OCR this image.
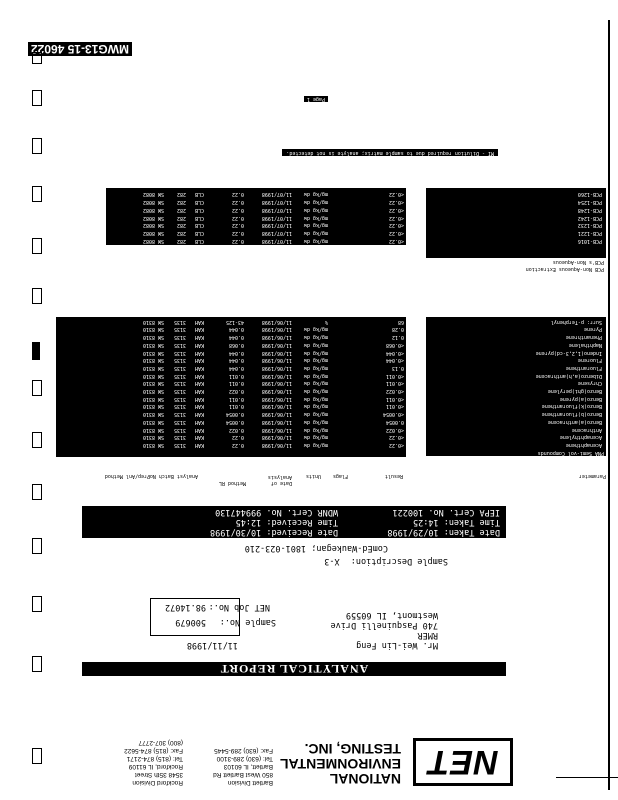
NET
NATIONAL
ENVIRONMENTAL
TESTING, INC.
Bartlett Division
850 West Bartlett Rd
Bartlett, IL 60103
Tel: (630) 289-3100
Fax: (630) 289-5445
Rockford Division
3548 35th Street
Rockford, IL 61109
Tel: (815) 874-2171
Fax: (815) 874-5622
(800) 307-2777
ANALYTICAL REPORT
Mr. Wei-Lin Feng
RMER
740 Pasquinelli Drive
Westmont, IL 60559
11/11/1998
Sample No.:
500679
NET Job No.:
98.14072
Sample Description: X-3
ComEd-Waukegan; 1801-023-210
Date Taken: 10/29/1998
Time Taken: 14:25
IEPA Cert. No. 100221
Date Received: 10/30/1998
Time Received: 12:45
WDNR Cert. No. 999447130
Parameter
Result
Flags
Units
Date of Analysis
Method RL
Analyst Batch No.
Prep/Anl Method
PNA Semi-vol Compounds
Acenaphthene
<0.22
mg/kg dw
11/06/1998
0.22
KAH
3135
SW 8310
Acenaphthylene
<0.22
mg/kg dw
11/06/1998
0.22
KAH
3135
SW 8310
Anthracene
<0.022
mg/kg dw
11/06/1998
0.022
KAH
3135
SW 8310
Benzo(a)anthracene
0.0054
J
mg/kg dw
11/06/1998
0.0054
KAH
3135
SW 8310
Benzo(b)fluoranthene
<0.0054
mg/kg dw
11/06/1998
0.0054
KAH
3135
SW 8310
Benzo(k)fluoranthene
<0.011
mg/kg dw
11/06/1998
0.011
KAH
3135
SW 8310
Benzo(a)pyrene
<0.011
mg/kg dw
11/06/1998
0.011
KAH
3135
SW 8310
Benzo(ghi)perylene
<0.022
mg/kg dw
11/06/1998
0.022
KAH
3135
SW 8310
Chrysene
<0.011
mg/kg dw
11/06/1998
0.011
KAH
3135
SW 8310
Dibenzo(a,h)anthracene
<0.011
mg/kg dw
11/06/1998
0.011
KAH
3135
SW 8310
Fluoranthene
0.13
mg/kg dw
11/06/1998
0.044
KAH
3135
SW 8310
Fluorene
<0.044
mg/kg dw
11/06/1998
0.044
KAH
3135
SW 8310
Indeno(1,2,3-cd)pyrene
<0.044
mg/kg dw
11/06/1998
0.044
KAH
3135
SW 8310
Naphthalene
<0.068
mg/kg dw
11/06/1998
0.068
KAH
3135
SW 8310
Phenanthrene
0.12
mg/kg dw
11/06/1998
0.044
KAH
3135
SW 8310
Pyrene
0.28
mg/kg dw
11/06/1998
0.044
KAH
3135
SW 8310
Surr: p-Terphenyl
68
%
11/06/1998
43-125
KAH
3135
SW 8310
PCB's Non-Aqueous
PCB Non-Aqueous Extraction
PCB-1016
<0.22
mg/kg dw
11/07/1998
0.22
CLB
282
SW 8082
PCB-1221
<0.22
mg/kg dw
11/07/1998
0.22
CLB
282
SW 8082
PCB-1232
<0.22
mg/kg dw
11/07/1998
0.22
CLB
282
SW 8082
PCB-1242
<0.22
mg/kg dw
11/07/1998
0.22
CLB
282
SW 8082
PCB-1248
<0.22
mg/kg dw
11/07/1998
0.22
CLB
282
SW 8082
PCB-1254
<0.22
mg/kg dw
11/07/1998
0.22
CLB
282
SW 8082
PCB-1260
<0.22
mg/kg dw
11/07/1998
0.22
CLB
282
SW 8082
MI - Dilution required due to sample matrix; analyte is not detected.
Page 1
MWG13-15 46022
